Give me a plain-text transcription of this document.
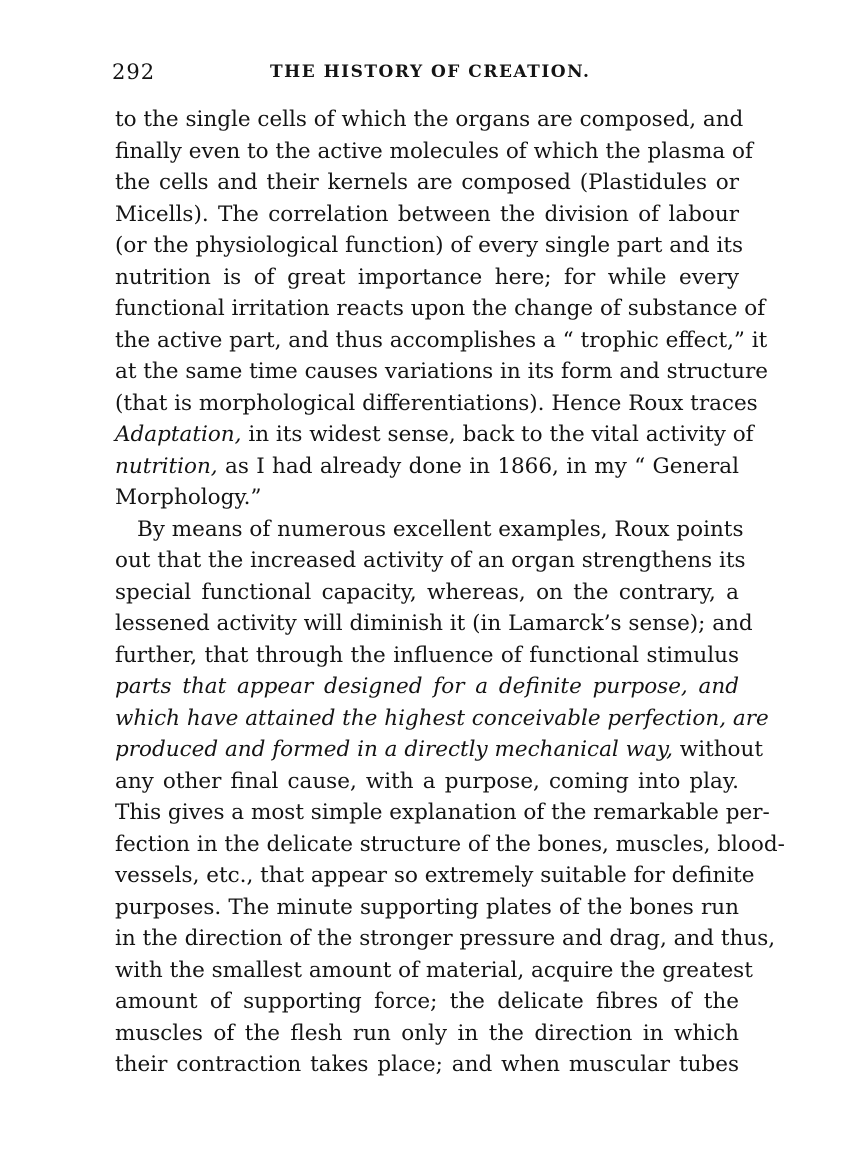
292	THE HISTORY OF CREATION.
to the single cells of which the organs are composed, and
finally even to the active molecules of which the plasma of
the cells and their kernels are composed (Plastidules or
Micells). The correlation between the division of labour
(or the physiological function) of every single part and its
nutrition is of great importance here; for while every
functional irritation reacts upon the change of substance of
the active part, and thus accomplishes a “ trophic effect,” it
at the same time causes variations in its form and structure
(that is morphological differentiations). Hence Roux traces
Adaptation, in its widest sense, back to the vital activity of
nutrition, as I had already done in 1866, in my “ General
Morphology.”
By means of numerous excellent examples, Roux points
out that the increased activity of an organ strengthens its
special functional capacity, whereas, on the contrary, a
lessened activity will diminish it (in Lamarck’s sense); and
further, that through the influence of functional stimulus
parts that appear designed for a definite purpose, and
which have attained the highest conceivable perfection, are
produced and formed in a directly mechanical way, without
any other final cause, with a purpose, coming into play.
This gives a most simple explanation of the remarkable per-
fection in the delicate structure of the bones, muscles, blood-
vessels, etc., that appear so extremely suitable for definite
purposes. The minute supporting plates of the bones run
in the direction of the stronger pressure and drag, and thus,
with the smallest amount of material, acquire the greatest
amount of supporting force; the delicate fibres of the
muscles of the flesh run only in the direction in which
their contraction takes place; and when muscular tubes
